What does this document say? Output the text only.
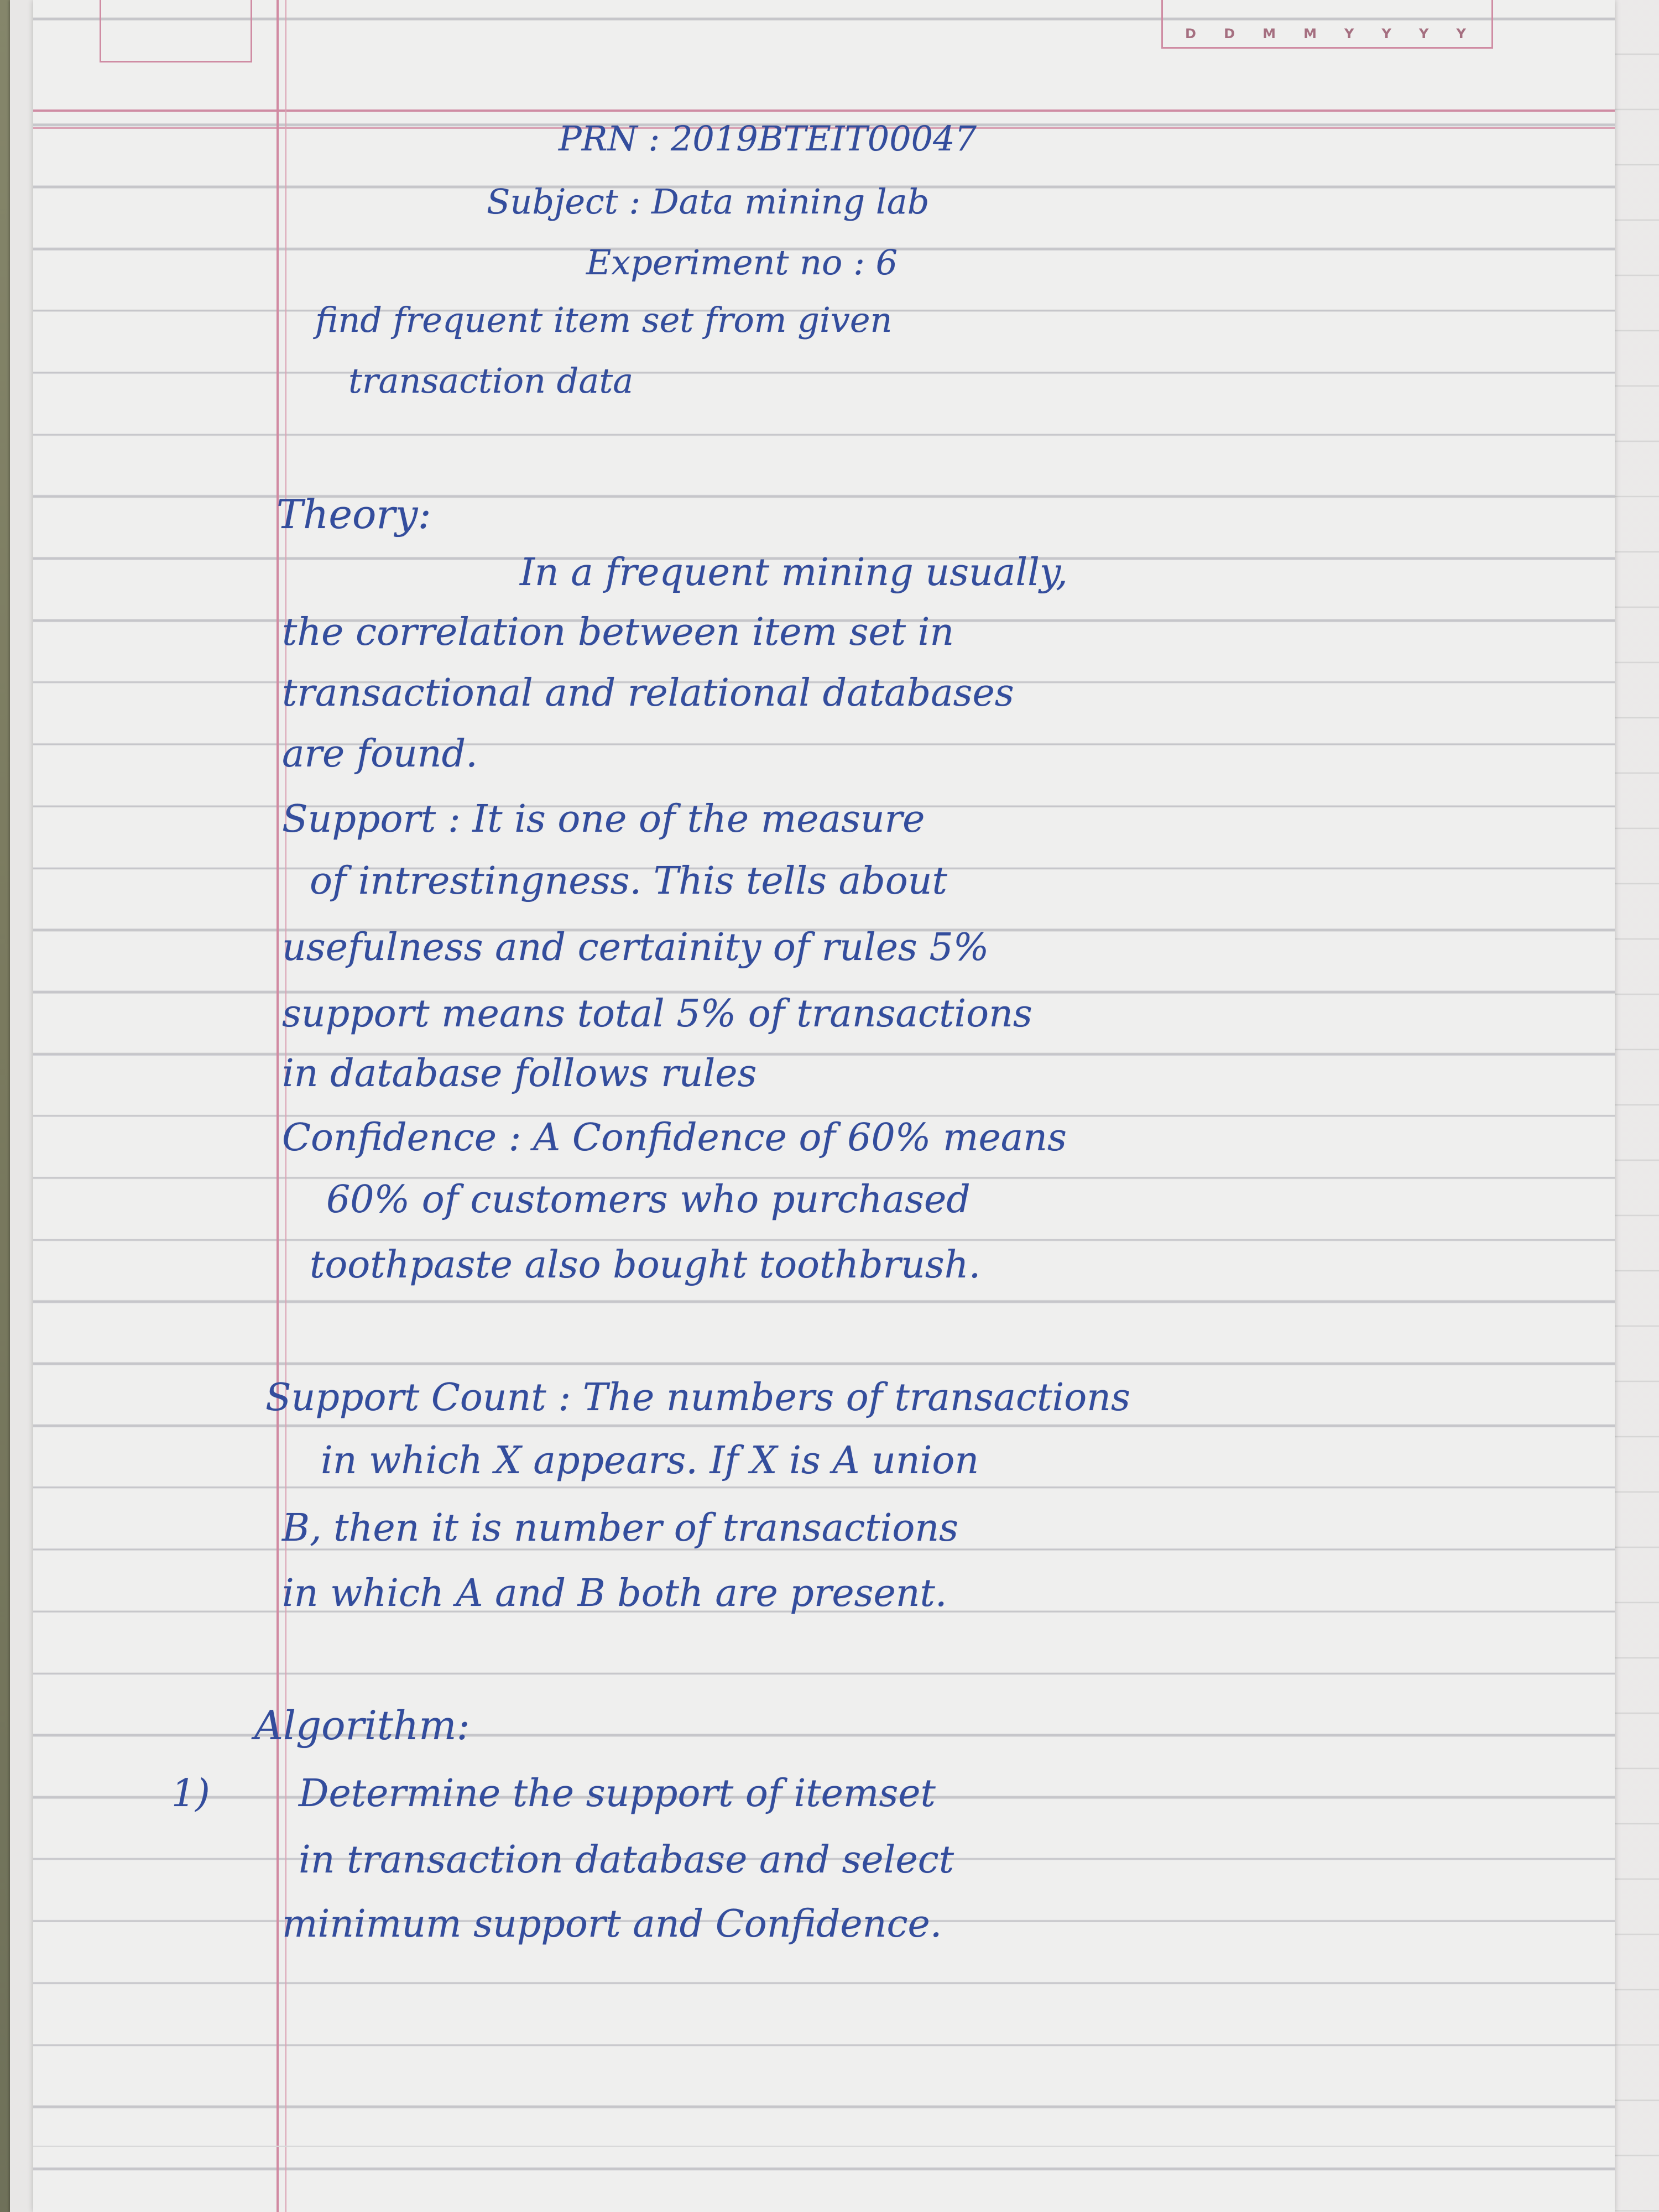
D D M M Y Y Y Y
PRN : 2019BTEIT00047
Subject : Data mining lab
Experiment no : 6
find frequent item set from given
transaction data
Theory:
In a frequent mining usually,
the correlation between item set in
transactional and relational databases
are found.
Support : It is one of the measure
of intrestingness. This tells about
usefulness and certainity of rules 5%
support means total 5% of transactions
in database follows rules
Confidence : A Confidence of 60% means
60% of customers who purchased
toothpaste also bought toothbrush.
Support Count : The numbers of transactions
in which X appears. If X is A union
B, then it is number of transactions
in which A and B both are present.
Algorithm:
1) Determine the support of itemset
in transaction database and select
minimum support and Confidence.
